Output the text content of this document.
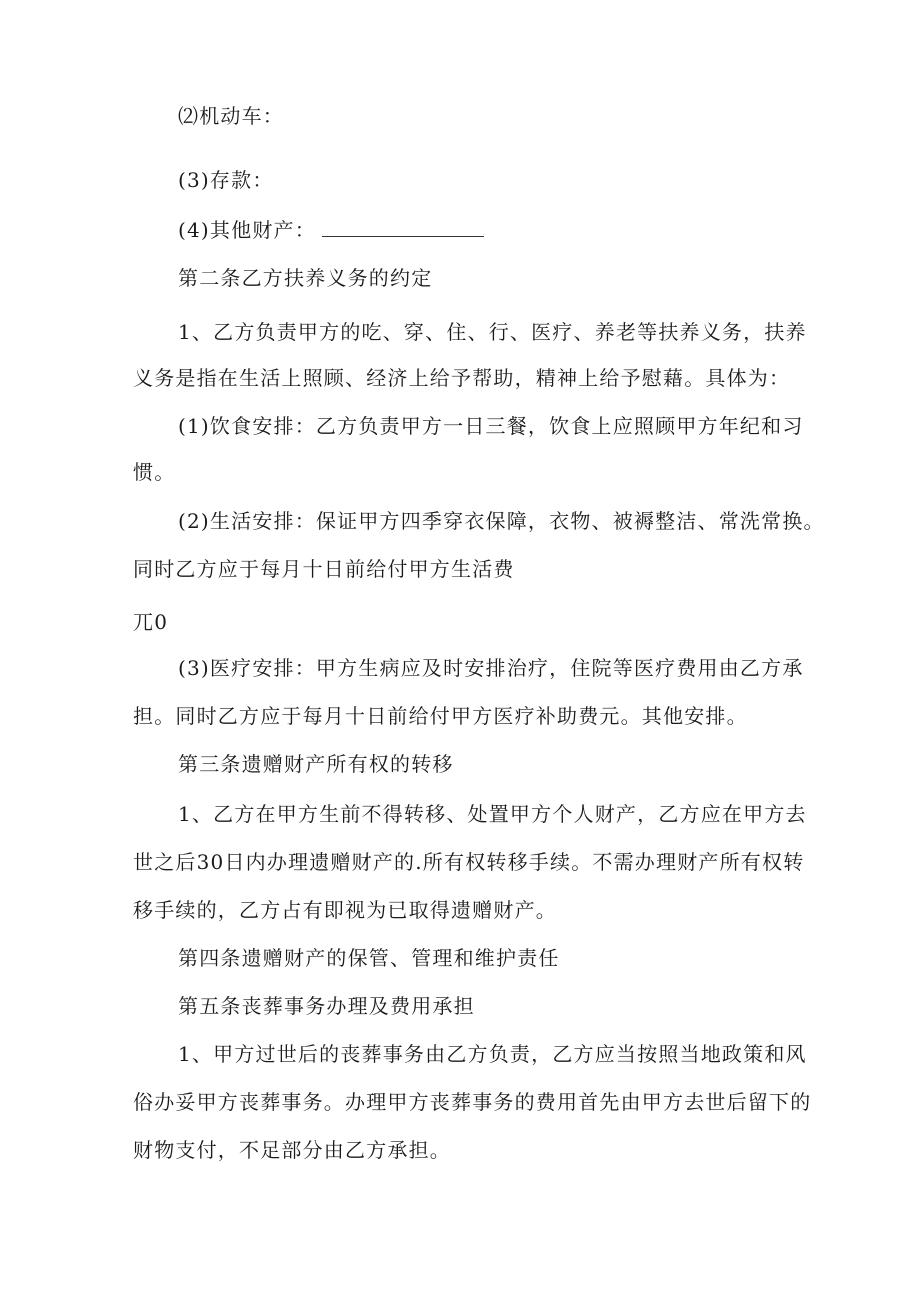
⑵机动车：
(3)存款：
(4)其他财产：
第二条乙方扶养义务的约定
1、乙方负责甲方的吃、穿、住、行、医疗、养老等扶养义务，扶养
义务是指在生活上照顾、经济上给予帮助，精神上给予慰藉。具体为：
(1)饮食安排：乙方负责甲方一日三餐，饮食上应照顾甲方年纪和习
惯。
(2)生活安排：保证甲方四季穿衣保障，衣物、被褥整洁、常洗常换。
同时乙方应于每月十日前给付甲方生活费
兀0
(3)医疗安排：甲方生病应及时安排治疗，住院等医疗费用由乙方承
担。同时乙方应于每月十日前给付甲方医疗补助费元。其他安排。
第三条遗赠财产所有权的转移
1、乙方在甲方生前不得转移、处置甲方个人财产，乙方应在甲方去
世之后30日内办理遗赠财产的.所有权转移手续。不需办理财产所有权转
移手续的，乙方占有即视为已取得遗赠财产。
第四条遗赠财产的保管、管理和维护责任
第五条丧葬事务办理及费用承担
1、甲方过世后的丧葬事务由乙方负责，乙方应当按照当地政策和风
俗办妥甲方丧葬事务。办理甲方丧葬事务的费用首先由甲方去世后留下的
财物支付，不足部分由乙方承担。
